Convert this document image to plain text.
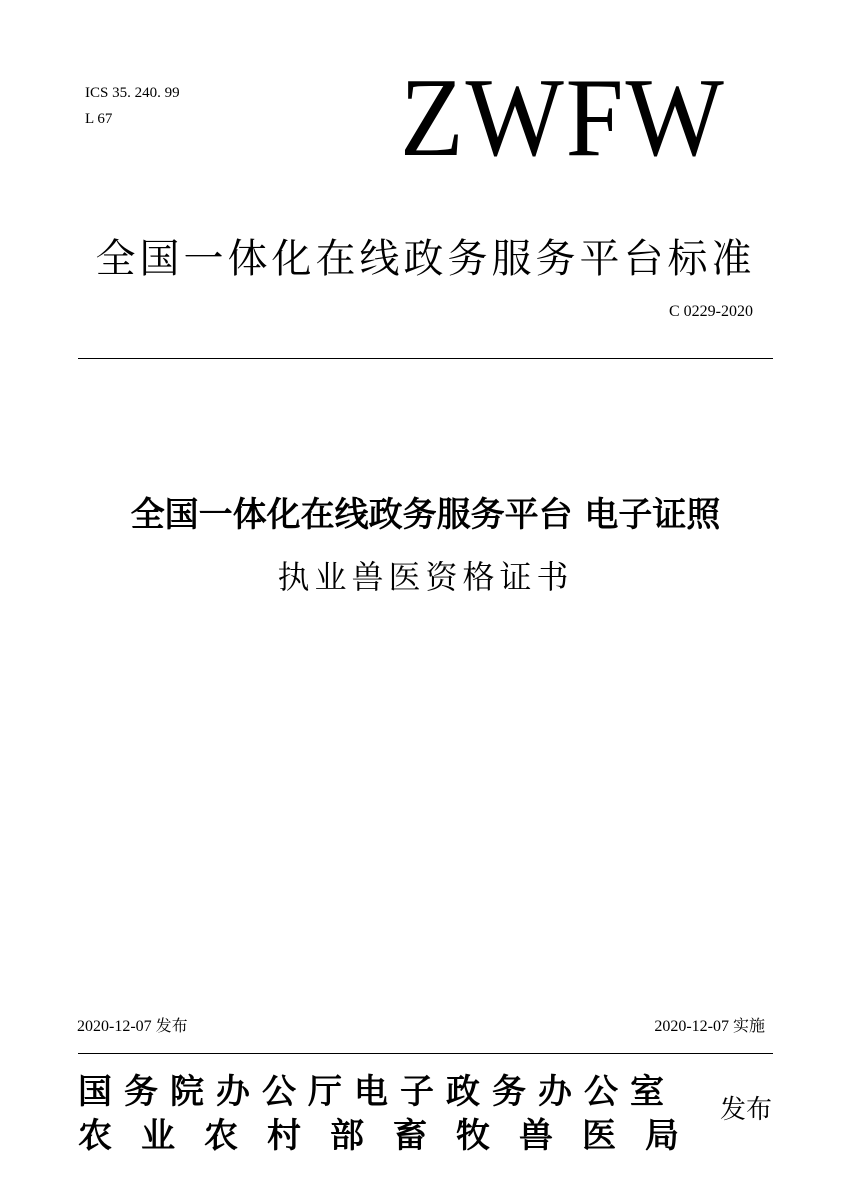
ICS 35. 240. 99
L 67	ZWFW
全国一体化在线政务服务平台标准
C 0229-2020
全国一体化在线政务服务平台 电子证照
执业兽医资格证书
2020-12-07 发布	2020-12-07 实施
国务院办公厅电子政务办公室
农业农村部畜牧兽医局
发布
